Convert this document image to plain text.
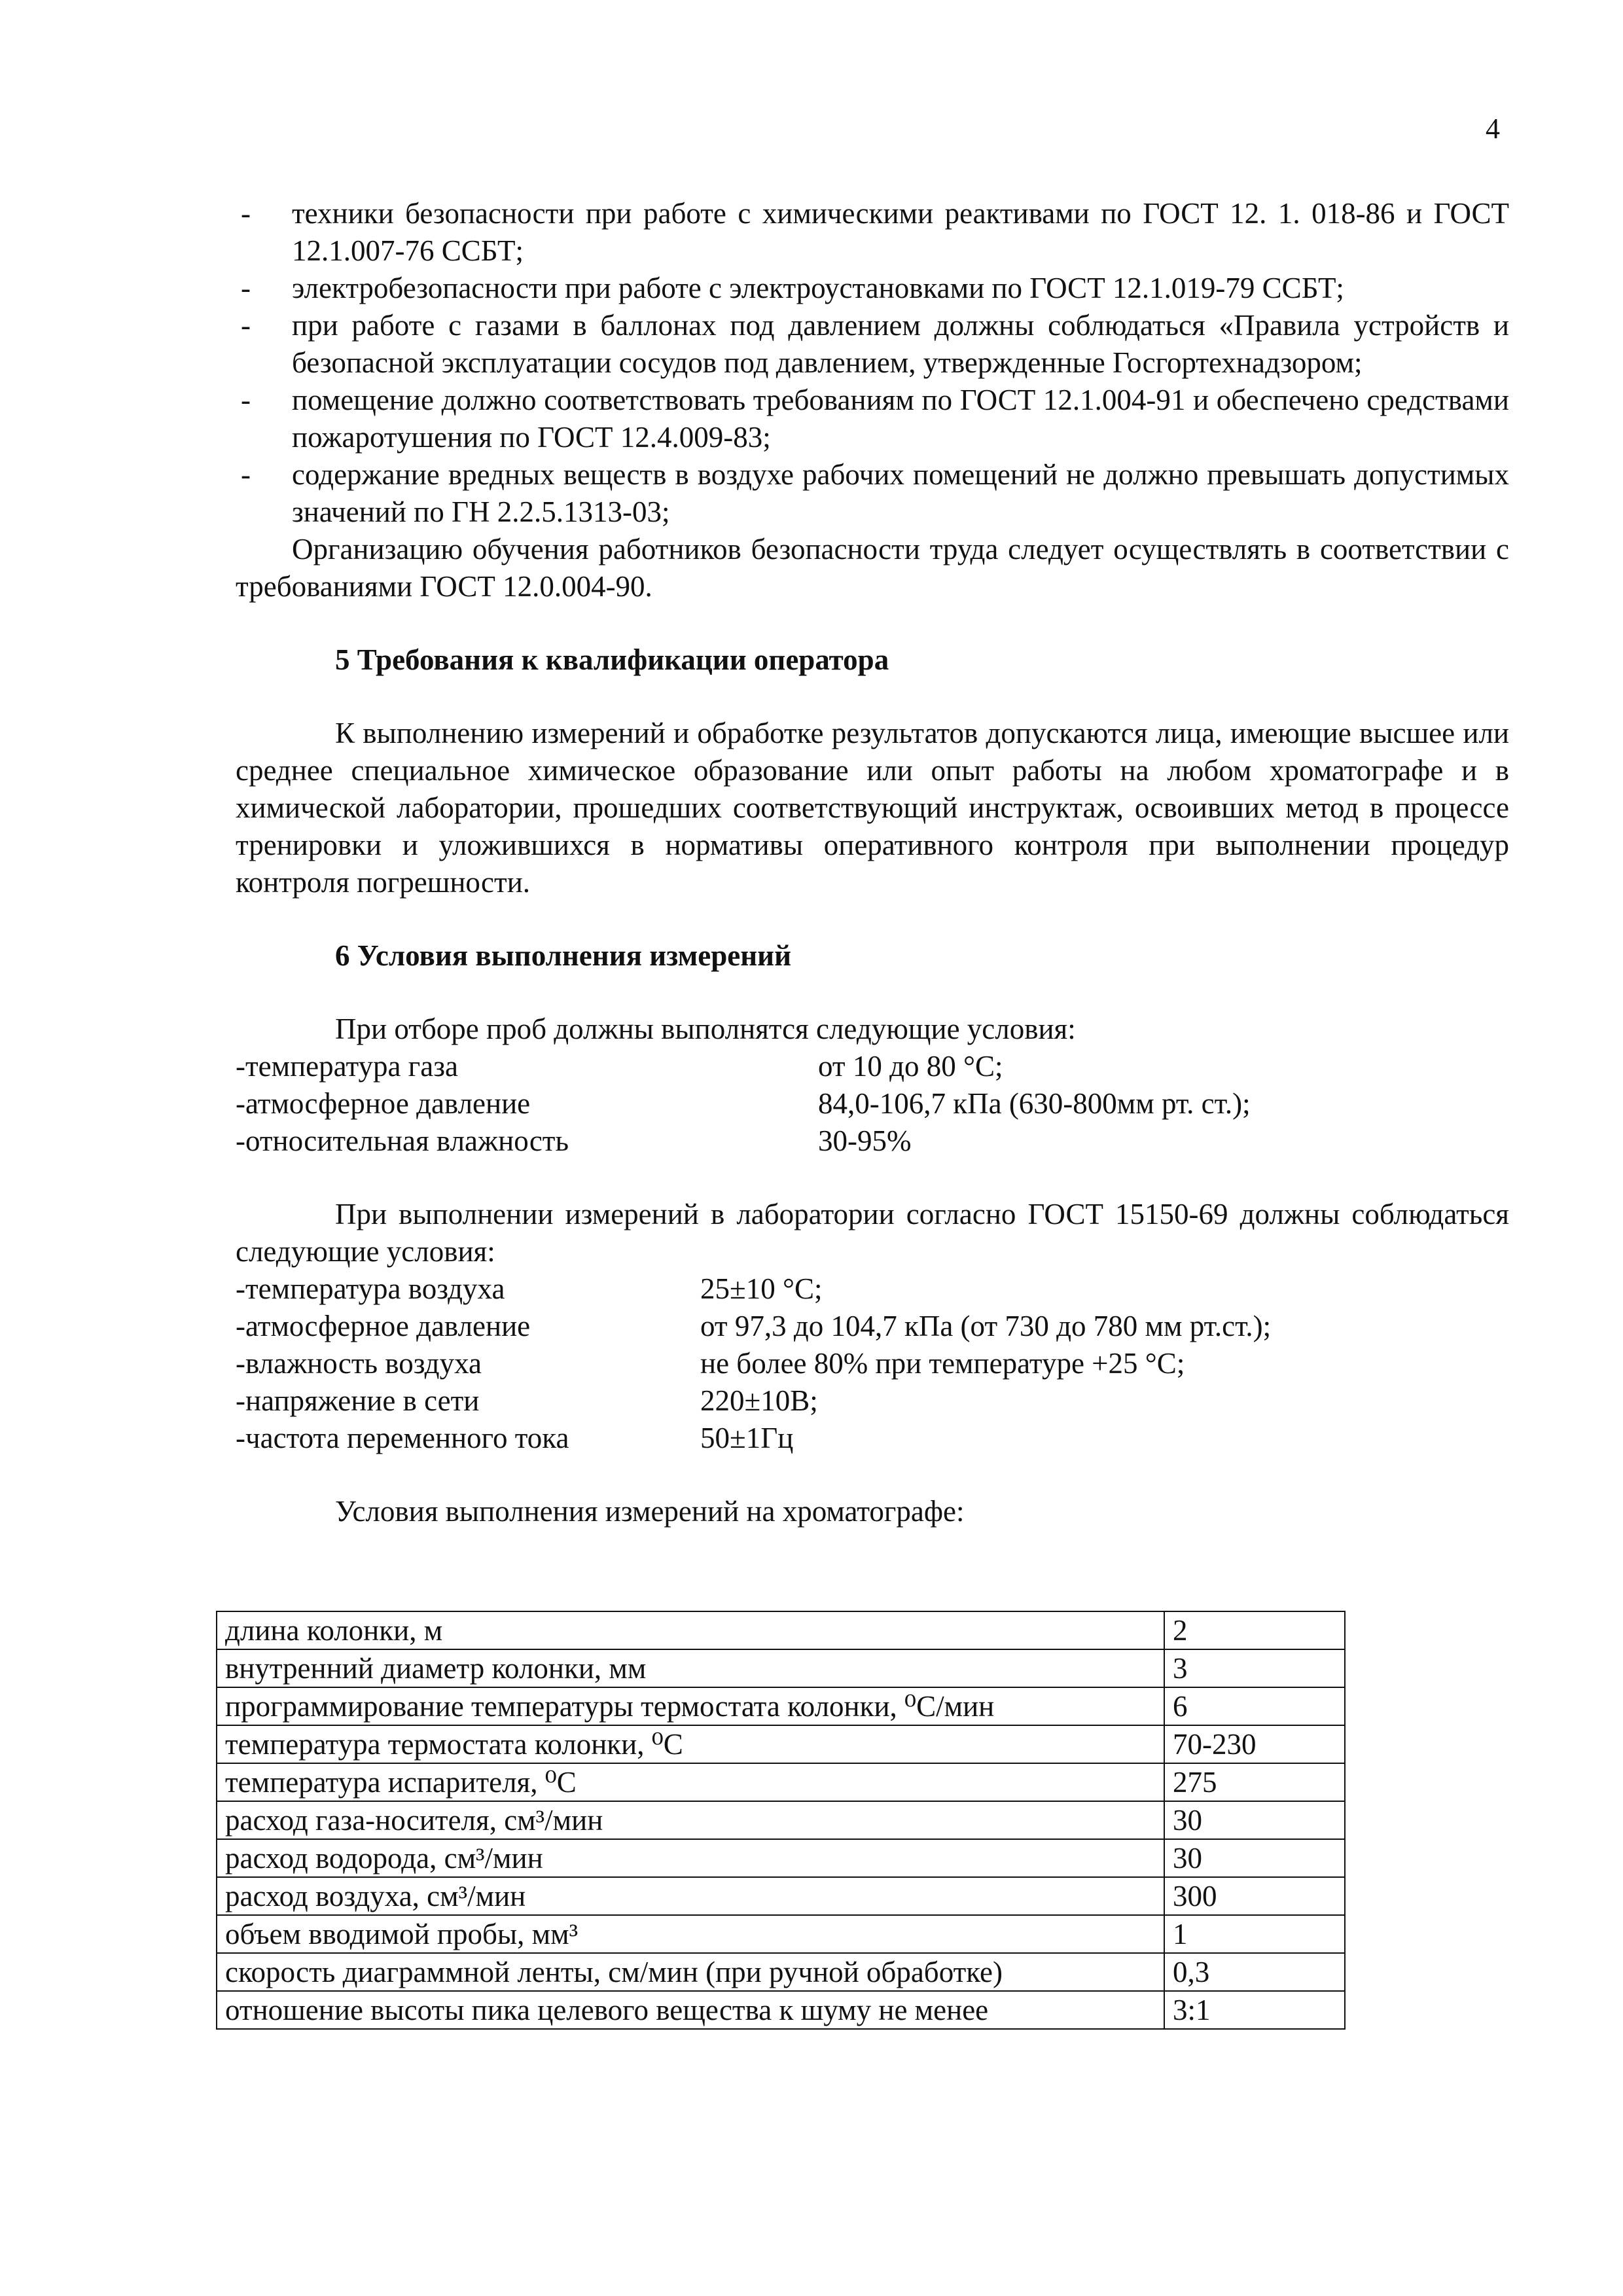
4
- техники безопасности при работе с химическими реактивами по ГОСТ 12. 1. 018-86 и ГОСТ 12.1.007-76 ССБТ;
- электробезопасности при работе с электроустановками по ГОСТ 12.1.019-79 ССБТ;
- при работе с газами в баллонах под давлением должны соблюдаться «Правила устройств и безопасной эксплуатации сосудов под давлением, утвержденные Госгортехнадзором;
- помещение должно соответствовать требованиям по ГОСТ 12.1.004-91 и обеспечено средствами пожаротушения по ГОСТ 12.4.009-83;
- содержание вредных веществ в воздухе рабочих помещений не должно превышать допустимых значений по ГН 2.2.5.1313-03;
Организацию обучения работников безопасности труда следует осуществлять в соответствии с требованиями ГОСТ 12.0.004-90.
5 Требования к квалификации оператора
К выполнению измерений и обработке результатов допускаются лица, имеющие высшее или среднее специальное химическое образование или опыт работы на любом хроматографе и в химической лаборатории, прошедших соответствующий инструктаж, освоивших метод в процессе тренировки и уложившихся в нормативы оперативного контроля при выполнении процедур контроля погрешности.
6 Условия выполнения измерений
При отборе проб должны выполнятся следующие условия:
-температура газа	от 10 до 80 °С;
-атмосферное давление	84,0-106,7 кПа (630-800мм рт. ст.);
-относительная влажность	30-95%
При выполнении измерений в лаборатории согласно ГОСТ 15150-69 должны соблюдаться следующие условия:
-температура воздуха	25±10 °С;
-атмосферное давление	от 97,3 до 104,7 кПа (от 730 до 780 мм рт.ст.);
-влажность воздуха	не более 80% при температуре +25 °С;
-напряжение в сети	220±10В;
-частота переменного тока	50±1Гц
Условия выполнения измерений на хроматографе:
длина колонки, м	2
внутренний диаметр колонки, мм	3
программирование температуры термостата колонки, ⁰С/мин	6
температура термостата колонки, ⁰С	70-230
температура испарителя, ⁰С	275
расход газа-носителя, см³/мин	30
расход водорода, см³/мин	30
расход воздуха, см³/мин	300
объем вводимой пробы, мм³	1
скорость диаграммной ленты, см/мин (при ручной обработке)	0,3
отношение высоты пика целевого вещества к шуму не менее	3:1
